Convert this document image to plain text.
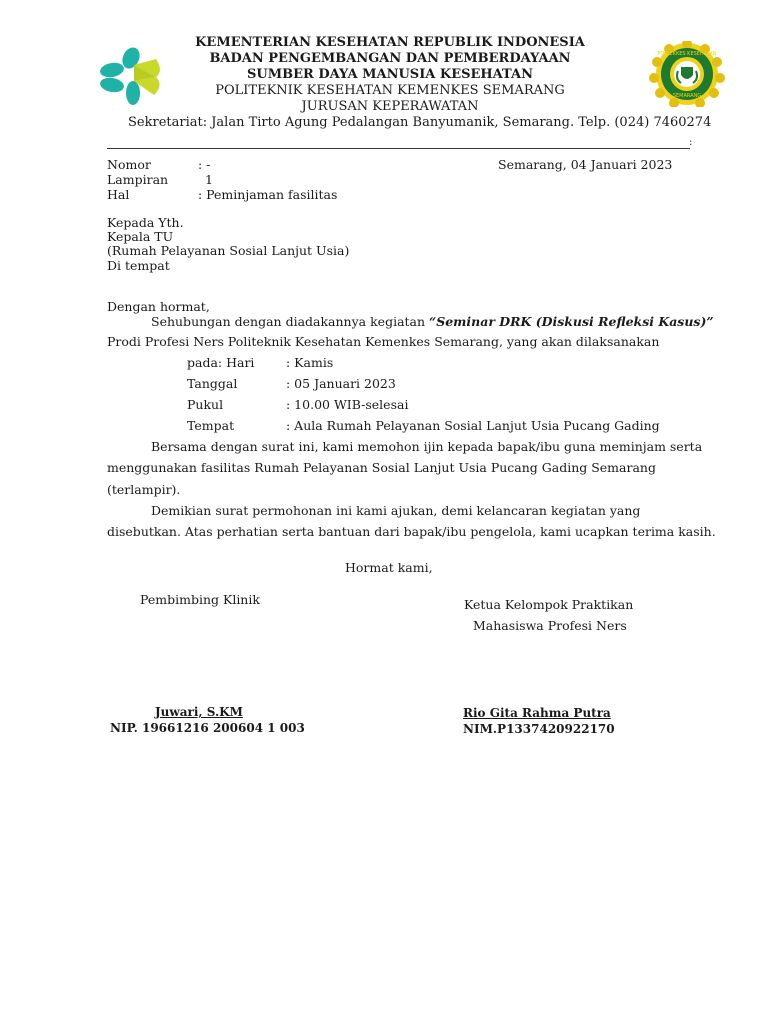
POLTEKKES KESEHATAN
SEMARANG
KEMENTERIAN KESEHATAN REPUBLIK INDONESIA
BADAN PENGEMBANGAN DAN PEMBERDAYAAN
SUMBER DAYA MANUSIA KESEHATAN
POLITEKNIK KESEHATAN KEMENKES SEMARANG
JURUSAN KEPERAWATAN
Sekretariat: Jalan Tirto Agung Pedalangan Banyumanik, Semarang. Telp. (024) 7460274
:
Nomor	: -	Semarang, 04 Januari 2023
Lampiran	1
Hal	: Peminjaman fasilitas
Kepada Yth.
Kepala TU
(Rumah Pelayanan Sosial Lanjut Usia)
Di tempat
Dengan hormat,
Sehubungan dengan diadakannya kegiatan “Seminar DRK (Diskusi Refleksi Kasus)”
Prodi Profesi Ners Politeknik Kesehatan Kemenkes Semarang, yang akan dilaksanakan
pada: Hari	: Kamis
Tanggal	: 05 Januari 2023
Pukul	: 10.00 WIB-selesai
Tempat	: Aula Rumah Pelayanan Sosial Lanjut Usia Pucang Gading
Bersama dengan surat ini, kami memohon ijin kepada bapak/ibu guna meminjam serta
menggunakan fasilitas Rumah Pelayanan Sosial Lanjut Usia Pucang Gading Semarang
(terlampir).
Demikian surat permohonan ini kami ajukan, demi kelancaran kegiatan yang
disebutkan. Atas perhatian serta bantuan dari bapak/ibu pengelola, kami ucapkan terima kasih.
Hormat kami,
Pembimbing Klinik	Ketua Kelompok Praktikan
Mahasiswa Profesi Ners
Juwari, S.KM
NIP. 19661216 200604 1 003
Rio Gita Rahma Putra
NIM.P1337420922170
